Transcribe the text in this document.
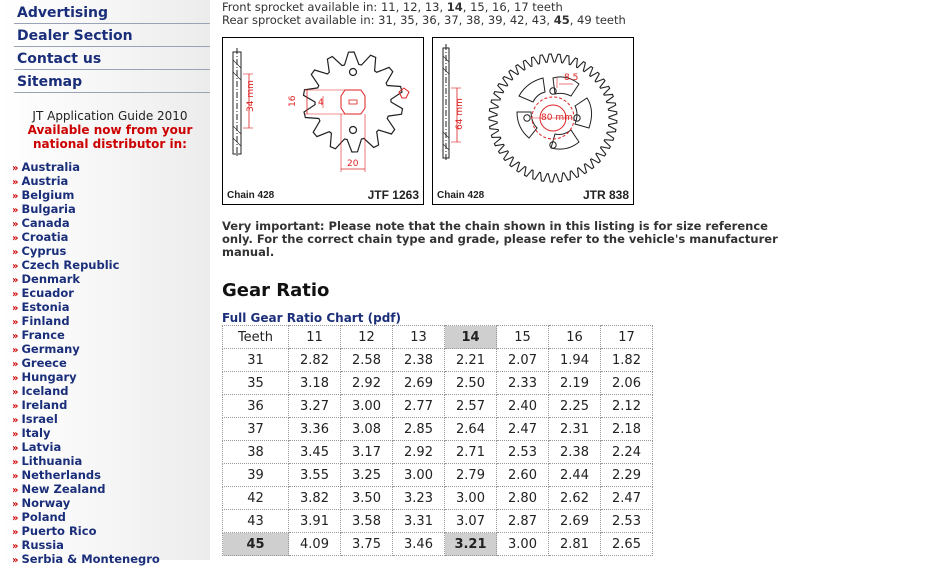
Advertising
Dealer Section
Contact us
Sitemap
JT Application Guide 2010
Available now from your
national distributor in:
» Australia
» Austria
» Belgium
» Bulgaria
» Canada
» Croatia
» Cyprus
» Czech Republic
» Denmark
» Ecuador
» Estonia
» Finland
» France
» Germany
» Greece
» Hungary
» Iceland
» Ireland
» Israel
» Italy
» Latvia
» Lithuania
» Netherlands
» New Zealand
» Norway
» Poland
» Puerto Rico
» Russia
» Serbia & Montenegro
Front sprocket available in: 11, 12, 13, 14, 15, 16, 17 teeth
Rear sprocket available in: 31, 35, 36, 37, 38, 39, 42, 43, 45, 49 teeth
34 mm	16 4
20
Chain 428	JTF 1263
64 mm	80 mm
8.5
Chain 428	JTR 838
Very important: Please note that the chain shown in this listing is for size reference only. For the correct chain type and grade, please refer to the vehicle's manufacturer manual.
Gear Ratio
Full Gear Ratio Chart (pdf)
Teeth	11	12	13	14	15	16	17
31	2.82	2.58	2.38	2.21	2.07	1.94	1.82
35	3.18	2.92	2.69	2.50	2.33	2.19	2.06
36	3.27	3.00	2.77	2.57	2.40	2.25	2.12
37	3.36	3.08	2.85	2.64	2.47	2.31	2.18
38	3.45	3.17	2.92	2.71	2.53	2.38	2.24
39	3.55	3.25	3.00	2.79	2.60	2.44	2.29
42	3.82	3.50	3.23	3.00	2.80	2.62	2.47
43	3.91	3.58	3.31	3.07	2.87	2.69	2.53
45	4.09	3.75	3.46	3.21	3.00	2.81	2.65
